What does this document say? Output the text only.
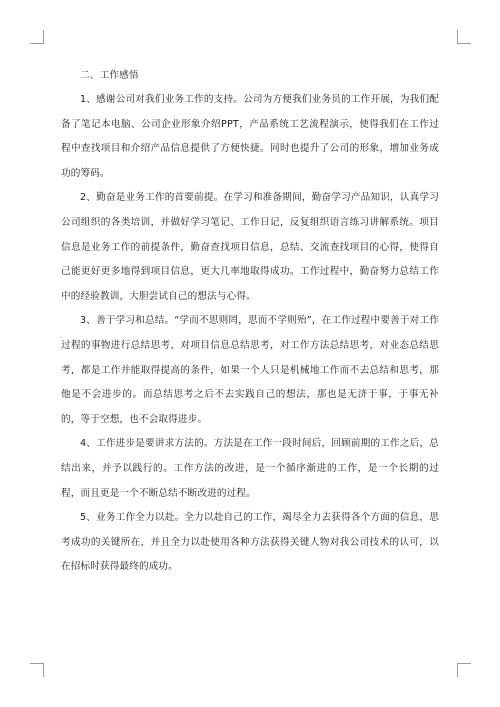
二、工作感悟

1、感谢公司对我们业务工作的支持。公司为方便我们业务员的工作开展，为我们配备了笔记本电脑、公司企业形象介绍PPT，产品系统工艺流程演示，使得我们在工作过程中查找项目和介绍产品信息提供了方便快捷。同时也提升了公司的形象，增加业务成功的筹码。

2、勤奋是业务工作的首要前提。在学习和准备期间，勤奋学习产品知识，认真学习公司组织的各类培训，并做好学习笔记、工作日记，反复组织语言练习讲解系统。项目信息是业务工作的前提条件，勤奋查找项目信息，总结、交流查找项目的心得，使得自己能更好更多地得到项目信息，更大几率地取得成功。工作过程中，勤奋努力总结工作中的经验教训，大胆尝试自己的想法与心得。

3、善于学习和总结。“学而不思则罔，思而不学则殆”，在工作过程中要善于对工作过程的事物进行总结思考，对项目信息总结思考，对工作方法总结思考，对业态总结思考，都是工作并能取得提高的条件，如果一个人只是机械地工作而不去总结和思考，那他是不会进步的。而总结思考之后不去实践自己的想法，那也是无济于事，于事无补的，等于空想，也不会取得进步。

4、工作进步是要讲求方法的。方法是在工作一段时间后，回顾前期的工作之后，总结出来，并予以践行的。工作方法的改进，是一个循序渐进的工作，是一个长期的过程，而且更是一个不断总结不断改进的过程。

5、业务工作全力以赴。全力以赴自己的工作，竭尽全力去获得各个方面的信息，思考成功的关键所在，并且全力以赴使用各种方法获得关键人物对我公司技术的认可，以在招标时获得最终的成功。
